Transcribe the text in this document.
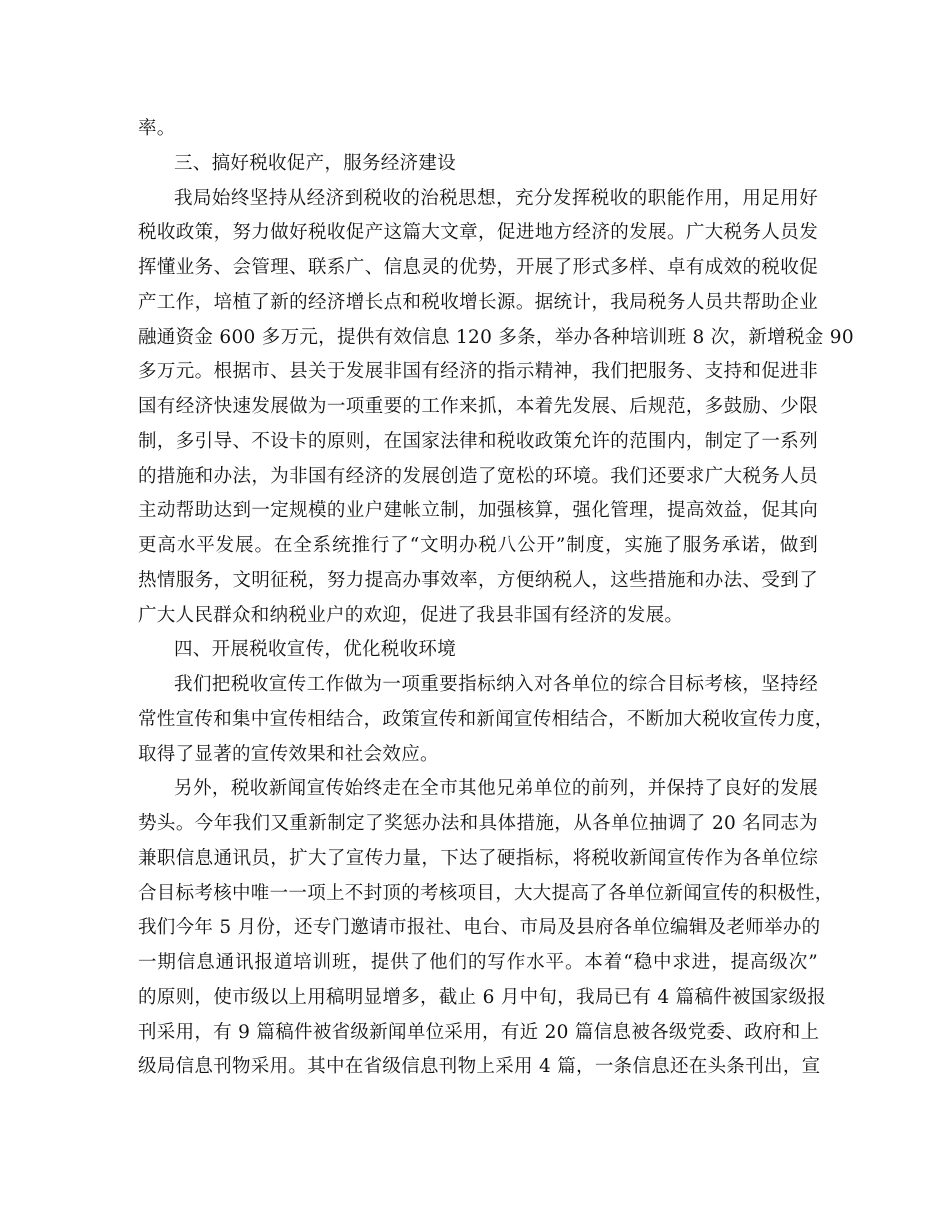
率。
三、搞好税收促产，服务经济建设
我局始终坚持从经济到税收的治税思想，充分发挥税收的职能作用，用足用好
税收政策，努力做好税收促产这篇大文章，促进地方经济的发展。广大税务人员发
挥懂业务、会管理、联系广、信息灵的优势，开展了形式多样、卓有成效的税收促
产工作，培植了新的经济增长点和税收增长源。据统计，我局税务人员共帮助企业
融通资金 600 多万元，提供有效信息 120 多条，举办各种培训班 8 次，新增税金 90
多万元。根据市、县关于发展非国有经济的指示精神，我们把服务、支持和促进非
国有经济快速发展做为一项重要的工作来抓，本着先发展、后规范，多鼓励、少限
制，多引导、不设卡的原则，在国家法律和税收政策允许的范围内，制定了一系列
的措施和办法，为非国有经济的发展创造了宽松的环境。我们还要求广大税务人员
主动帮助达到一定规模的业户建帐立制，加强核算，强化管理，提高效益，促其向
更高水平发展。在全系统推行了“文明办税八公开”制度，实施了服务承诺，做到
热情服务，文明征税，努力提高办事效率，方便纳税人，这些措施和办法、受到了
广大人民群众和纳税业户的欢迎，促进了我县非国有经济的发展。
四、开展税收宣传，优化税收环境
我们把税收宣传工作做为一项重要指标纳入对各单位的综合目标考核，坚持经
常性宣传和集中宣传相结合，政策宣传和新闻宣传相结合，不断加大税收宣传力度，
取得了显著的宣传效果和社会效应。
另外，税收新闻宣传始终走在全市其他兄弟单位的前列，并保持了良好的发展
势头。今年我们又重新制定了奖惩办法和具体措施，从各单位抽调了 20 名同志为
兼职信息通讯员，扩大了宣传力量，下达了硬指标，将税收新闻宣传作为各单位综
合目标考核中唯一一项上不封顶的考核项目，大大提高了各单位新闻宣传的积极性，
我们今年 5 月份，还专门邀请市报社、电台、市局及县府各单位编辑及老师举办的
一期信息通讯报道培训班，提供了他们的写作水平。本着“稳中求进，提高级次”
的原则，使市级以上用稿明显增多，截止 6 月中旬，我局已有 4 篇稿件被国家级报
刊采用，有 9 篇稿件被省级新闻单位采用，有近 20 篇信息被各级党委、政府和上
级局信息刊物采用。其中在省级信息刊物上采用 4 篇，一条信息还在头条刊出，宣
